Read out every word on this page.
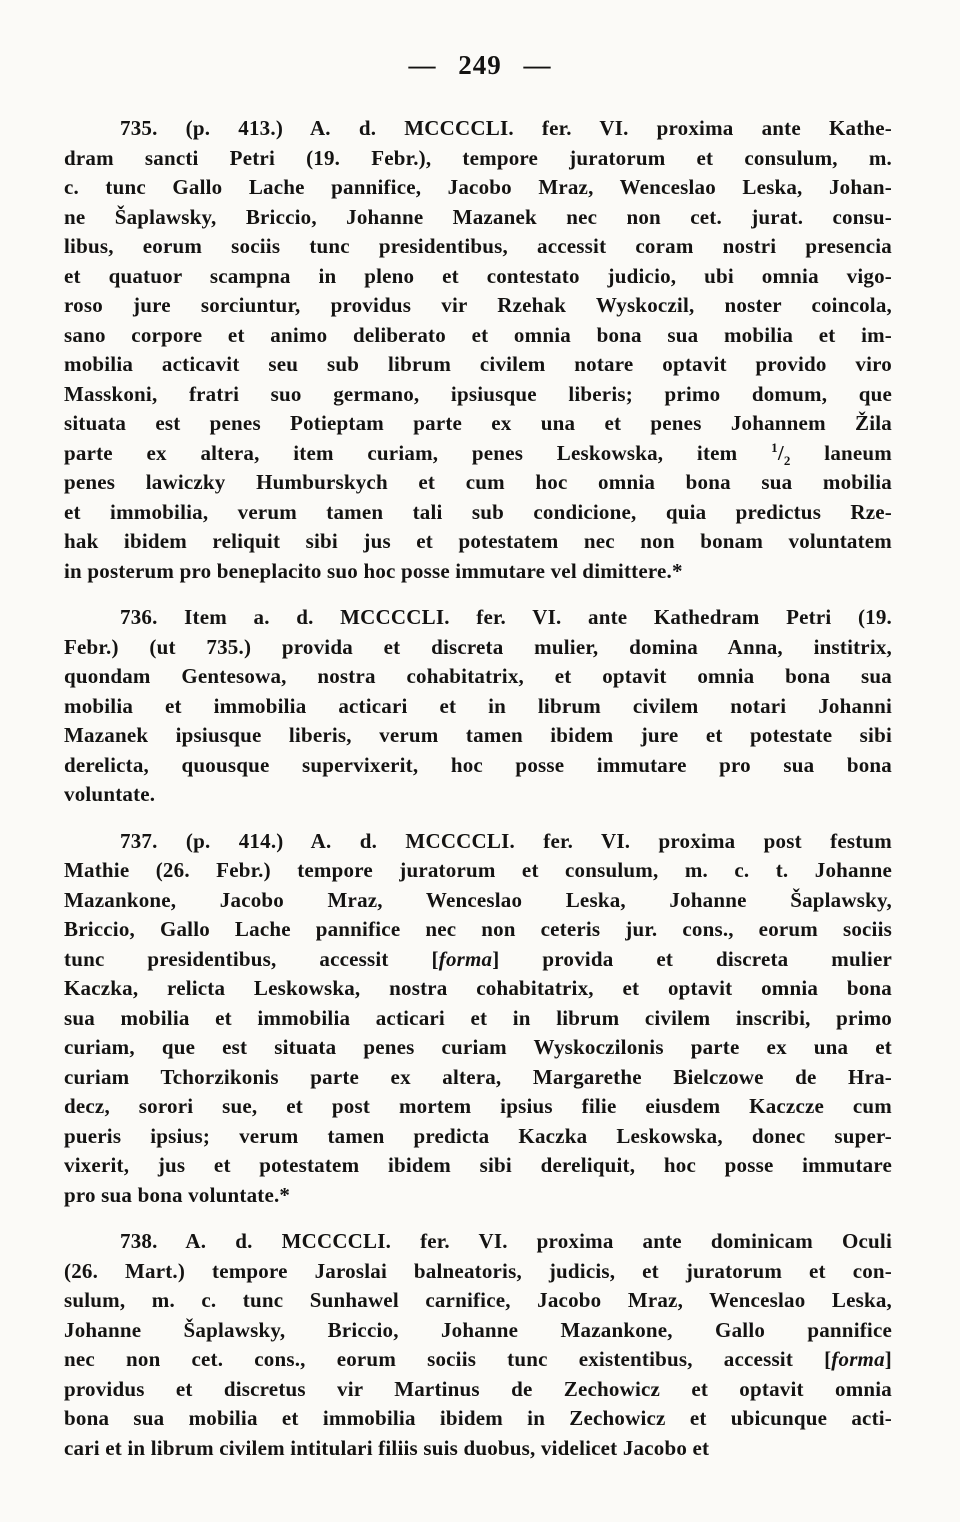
— 249 —
735. (p. 413.) A. d. MCCCCLI. fer. VI. proxima ante Kathe-
dram sancti Petri (19. Febr.), tempore juratorum et consulum, m.
c. tunc Gallo Lache pannifice, Jacobo Mraz, Wenceslao Leska, Johan-
ne Šaplawsky, Briccio, Johanne Mazanek nec non cet. jurat. consu-
libus, eorum sociis tunc presidentibus, accessit coram nostri presencia
et quatuor scampna in pleno et contestato judicio, ubi omnia vigo-
roso jure sorciuntur, providus vir Rzehak Wyskoczil, noster coincola,
sano corpore et animo deliberato et omnia bona sua mobilia et im-
mobilia acticavit seu sub librum civilem notare optavit provido viro
Masskoni, fratri suo germano, ipsiusque liberis; primo domum, que
situata est penes Potieptam parte ex una et penes Johannem Žila
parte ex altera, item curiam, penes Leskowska, item $^1/_2$ laneum
penes lawiczky Humburskych et cum hoc omnia bona sua mobilia
et immobilia, verum tamen tali sub condicione, quia predictus Rze-
hak ibidem reliquit sibi jus et potestatem nec non bonam voluntatem
in posterum pro beneplacito suo hoc posse immutare vel dimittere.*
736. Item a. d. MCCCCLI. fer. VI. ante Kathedram Petri (19.
Febr.) (ut 735.) provida et discreta mulier, domina Anna, institrix,
quondam Gentesowa, nostra cohabitatrix, et optavit omnia bona sua
mobilia et immobilia acticari et in librum civilem notari Johanni
Mazanek ipsiusque liberis, verum tamen ibidem jure et potestate sibi
derelicta, quousque supervixerit, hoc posse immutare pro sua bona
voluntate.
737. (p. 414.) A. d. MCCCCLI. fer. VI. proxima post festum
Mathie (26. Febr.) tempore juratorum et consulum, m. c. t. Johanne
Mazankone, Jacobo Mraz, Wenceslao Leska, Johanne Šaplawsky,
Briccio, Gallo Lache pannifice nec non ceteris jur. cons., eorum sociis
tunc presidentibus, accessit [forma] provida et discreta mulier
Kaczka, relicta Leskowska, nostra cohabitatrix, et optavit omnia bona
sua mobilia et immobilia acticari et in librum civilem inscribi, primo
curiam, que est situata penes curiam Wyskoczilonis parte ex una et
curiam Tchorzikonis parte ex altera, Margarethe Bielczowe de Hra-
decz, sorori sue, et post mortem ipsius filie eiusdem Kaczcze cum
pueris ipsius; verum tamen predicta Kaczka Leskowska, donec super-
vixerit, jus et potestatem ibidem sibi dereliquit, hoc posse immutare
pro sua bona voluntate.*
738. A. d. MCCCCLI. fer. VI. proxima ante dominicam Oculi
(26. Mart.) tempore Jaroslai balneatoris, judicis, et juratorum et con-
sulum, m. c. tunc Sunhawel carnifice, Jacobo Mraz, Wenceslao Leska,
Johanne Šaplawsky, Briccio, Johanne Mazankone, Gallo pannifice
nec non cet. cons., eorum sociis tunc existentibus, accessit [forma]
providus et discretus vir Martinus de Zechowicz et optavit omnia
bona sua mobilia et immobilia ibidem in Zechowicz et ubicunque acti-
cari et in librum civilem intitulari filiis suis duobus, videlicet Jacobo et
